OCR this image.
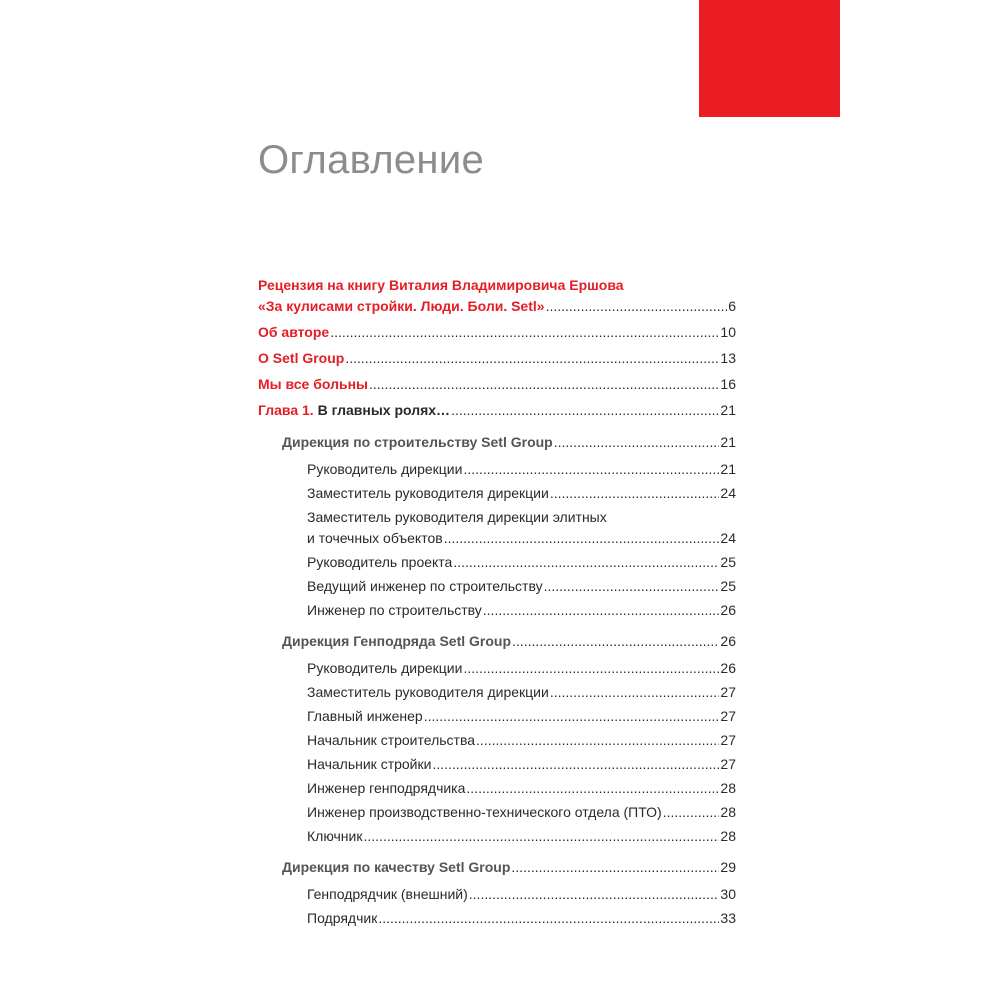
Оглавление
Рецензия на книгу Виталия Владимировича Ершова
«За кулисами стройки. Люди. Боли. Setl» .....	6
Об авторе .....	10
О Setl Group .....	13
Мы все больны .....	16
Глава 1. В главных ролях… .....	21
Дирекция по строительству Setl Group .....	21
Руководитель дирекции .....	21
Заместитель руководителя дирекции .....	24
Заместитель руководителя дирекции элитных
и точечных объектов .....	24
Руководитель проекта .....	25
Ведущий инженер по строительству .....	25
Инженер по строительству .....	26
Дирекция Генподряда Setl Group .....	26
Руководитель дирекции .....	26
Заместитель руководителя дирекции .....	27
Главный инженер .....	27
Начальник строительства .....	27
Начальник стройки .....	27
Инженер генподрядчика .....	28
Инженер производственно-технического отдела (ПТО) .....	28
Ключник .....	28
Дирекция по качеству Setl Group .....	29
Генподрядчик (внешний) .....	30
Подрядчик .....	33
